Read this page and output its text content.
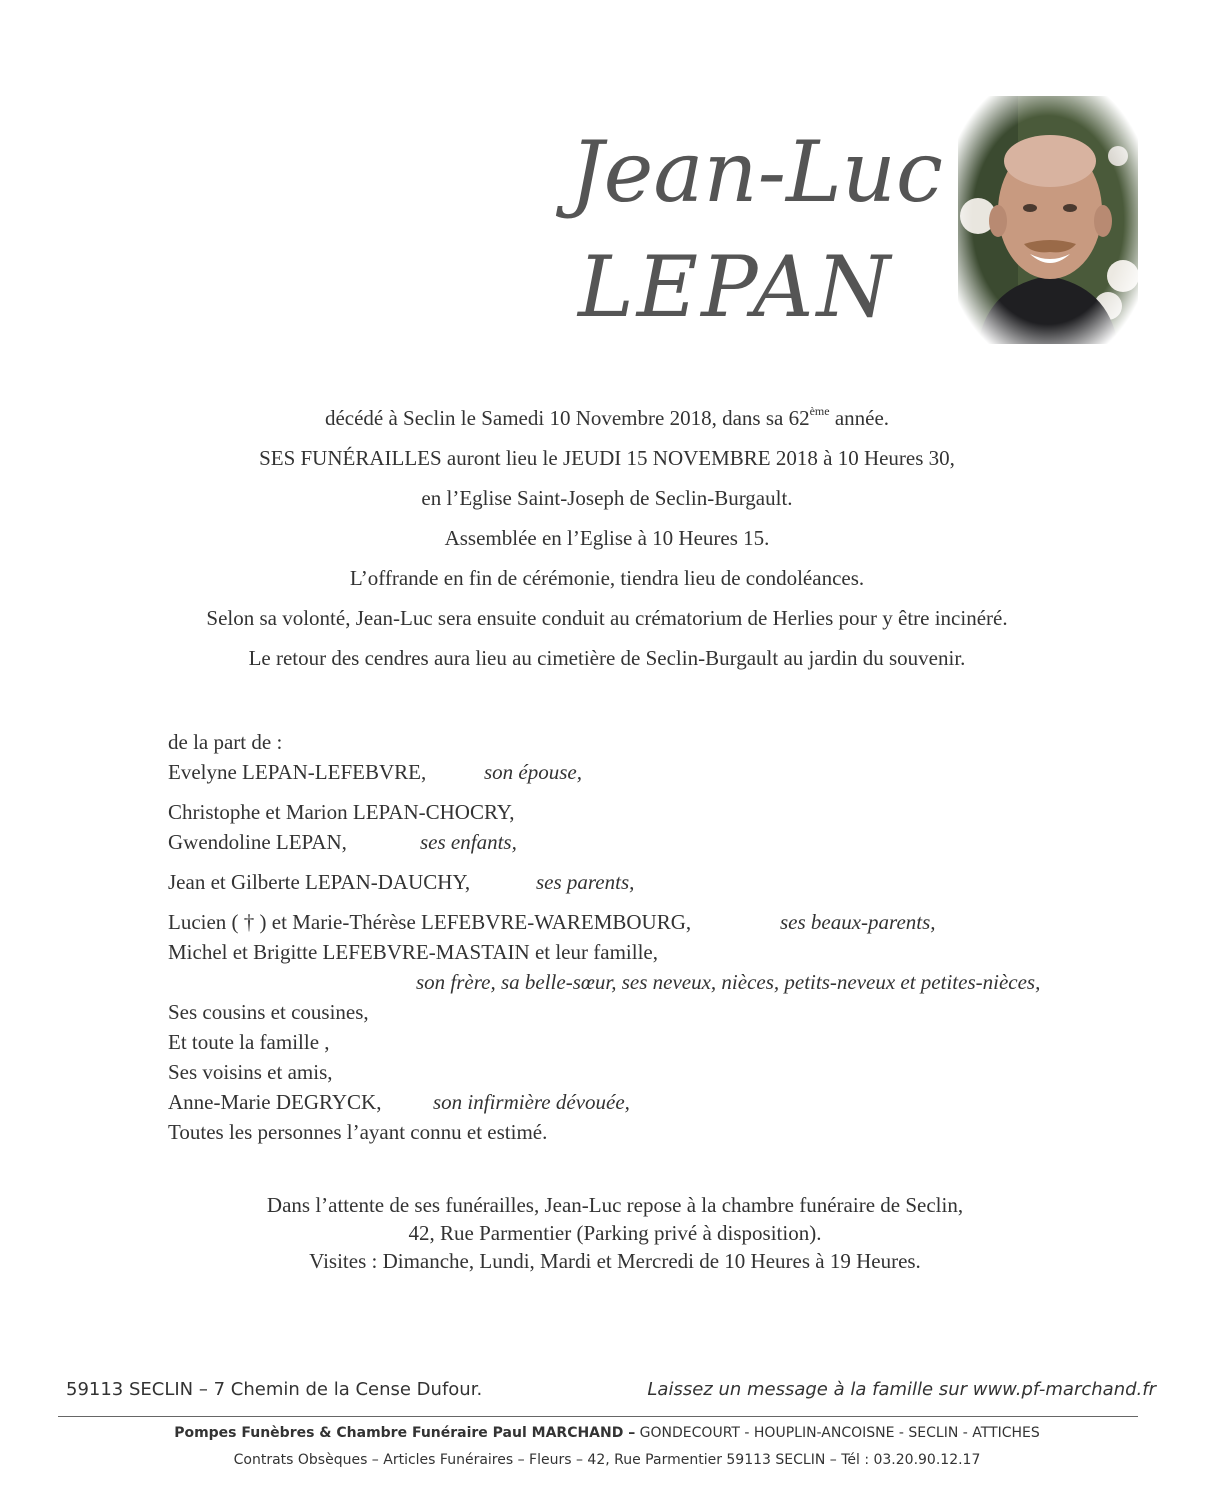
Jean-Luc
LEPAN

décédé à Seclin le Samedi 10 Novembre 2018, dans sa 62ème année.

SES FUNÉRAILLES auront lieu le JEUDI 15 NOVEMBRE 2018 à 10 Heures 30,

en l’Eglise Saint-Joseph de Seclin-Burgault.

Assemblée en l’Eglise à 10 Heures 15.

L’offrande en fin de cérémonie, tiendra lieu de condoléances.

Selon sa volonté, Jean-Luc sera ensuite conduit au crématorium de Herlies pour y être incinéré.

Le retour des cendres aura lieu au cimetière de Seclin-Burgault au jardin du souvenir.

de la part de :
Evelyne LEPAN-LEFEBVRE,	son épouse,
Christophe et Marion LEPAN-CHOCRY,
Gwendoline LEPAN,	ses enfants,
Jean et Gilberte LEPAN-DAUCHY,	ses parents,
Lucien ( † ) et Marie-Thérèse LEFEBVRE-WAREMBOURG,	ses beaux-parents,
Michel et Brigitte LEFEBVRE-MASTAIN et leur famille,
son frère, sa belle-sœur, ses neveux, nièces, petits-neveux et petites-nièces,
Ses cousins et cousines,
Et toute la famille ,
Ses voisins et amis,
Anne-Marie DEGRYCK, son infirmière dévouée,
Toutes les personnes l’ayant connu et estimé.

Dans l’attente de ses funérailles, Jean-Luc repose à la chambre funéraire de Seclin,

42, Rue Parmentier (Parking privé à disposition).

Visites : Dimanche, Lundi, Mardi et Mercredi de 10 Heures à 19 Heures.

59113 SECLIN – 7 Chemin de la Cense Dufour.	Laissez un message à la famille sur www.pf-marchand.fr
Pompes Funèbres & Chambre Funéraire Paul MARCHAND – GONDECOURT - HOUPLIN-ANCOISNE - SECLIN - ATTICHES
Contrats Obsèques – Articles Funéraires – Fleurs – 42, Rue Parmentier 59113 SECLIN – Tél : 03.20.90.12.17
